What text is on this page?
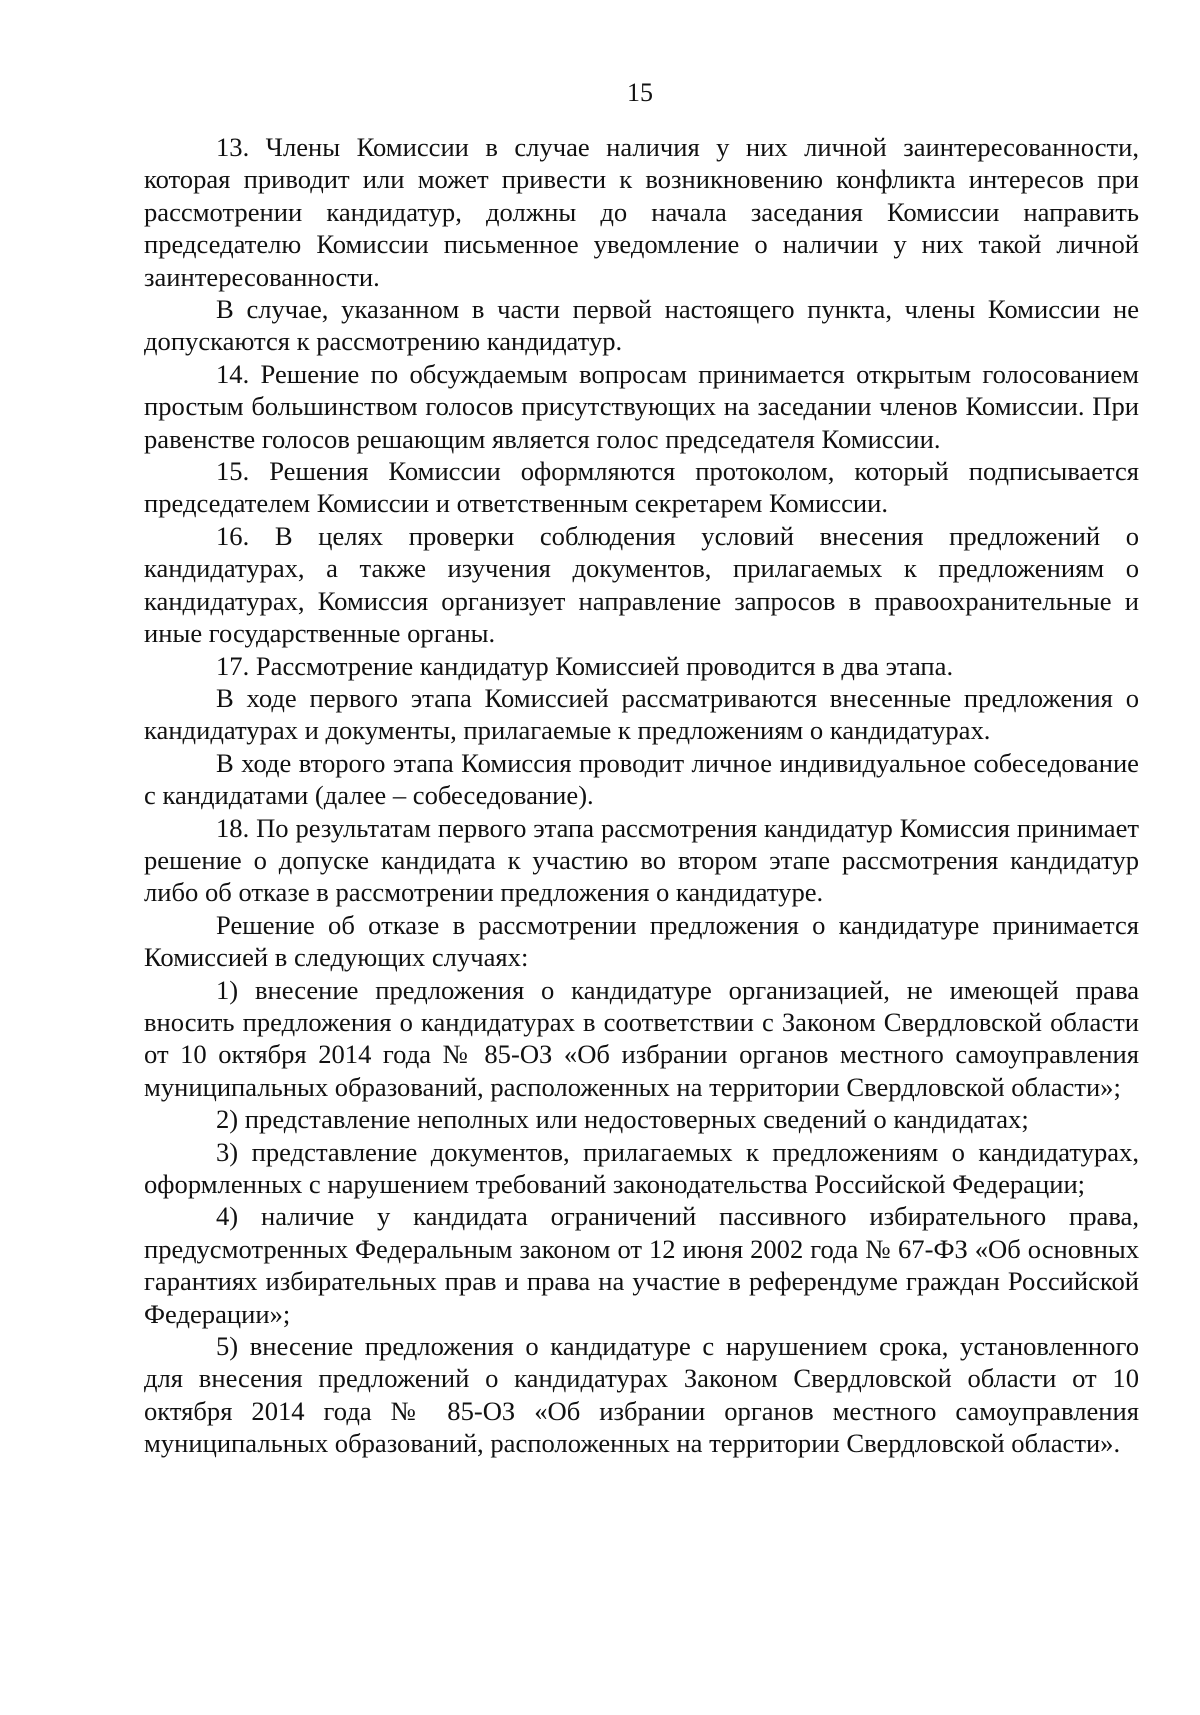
15

13. Члены Комиссии в случае наличия у них личной заинтересованности, которая приводит или может привести к возникновению конфликта интересов при рассмотрении кандидатур, должны до начала заседания Комиссии направить председателю Комиссии письменное уведомление о наличии у них такой личной заинтересованности.

В случае, указанном в части первой настоящего пункта, члены Комиссии не допускаются к рассмотрению кандидатур.

14. Решение по обсуждаемым вопросам принимается открытым голосованием простым большинством голосов присутствующих на заседании членов Комиссии. При равенстве голосов решающим является голос председателя Комиссии.

15. Решения Комиссии оформляются протоколом, который подписывается председателем Комиссии и ответственным секретарем Комиссии.

16. В целях проверки соблюдения условий внесения предложений о кандидатурах, а также изучения документов, прилагаемых к предложениям о кандидатурах, Комиссия организует направление запросов в правоохранительные и иные государственные органы.

17. Рассмотрение кандидатур Комиссией проводится в два этапа.

В ходе первого этапа Комиссией рассматриваются внесенные предложения о кандидатурах и документы, прилагаемые к предложениям о кандидатурах.

В ходе второго этапа Комиссия проводит личное индивидуальное собеседование с кандидатами (далее – собеседование).

18. По результатам первого этапа рассмотрения кандидатур Комиссия принимает решение о допуске кандидата к участию во втором этапе рассмотрения кандидатур либо об отказе в рассмотрении предложения о кандидатуре.

Решение об отказе в рассмотрении предложения о кандидатуре принимается Комиссией в следующих случаях:

1) внесение предложения о кандидатуре организацией, не имеющей права вносить предложения о кандидатурах в соответствии с Законом Свердловской области от 10 октября 2014 года № 85-ОЗ «Об избрании органов местного самоуправления муниципальных образований, расположенных на территории Свердловской области»;

2) представление неполных или недостоверных сведений о кандидатах;

3) представление документов, прилагаемых к предложениям о кандидатурах, оформленных с нарушением требований законодательства Российской Федерации;

4) наличие у кандидата ограничений пассивного избирательного права, предусмотренных Федеральным законом от 12 июня 2002 года № 67-ФЗ «Об основных гарантиях избирательных прав и права на участие в референдуме граждан Российской Федерации»;

5) внесение предложения о кандидатуре с нарушением срока, установленного для внесения предложений о кандидатурах Законом Свердловской области от 10 октября 2014 года № 85-ОЗ «Об избрании органов местного самоуправления муниципальных образований, расположенных на территории Свердловской области».
